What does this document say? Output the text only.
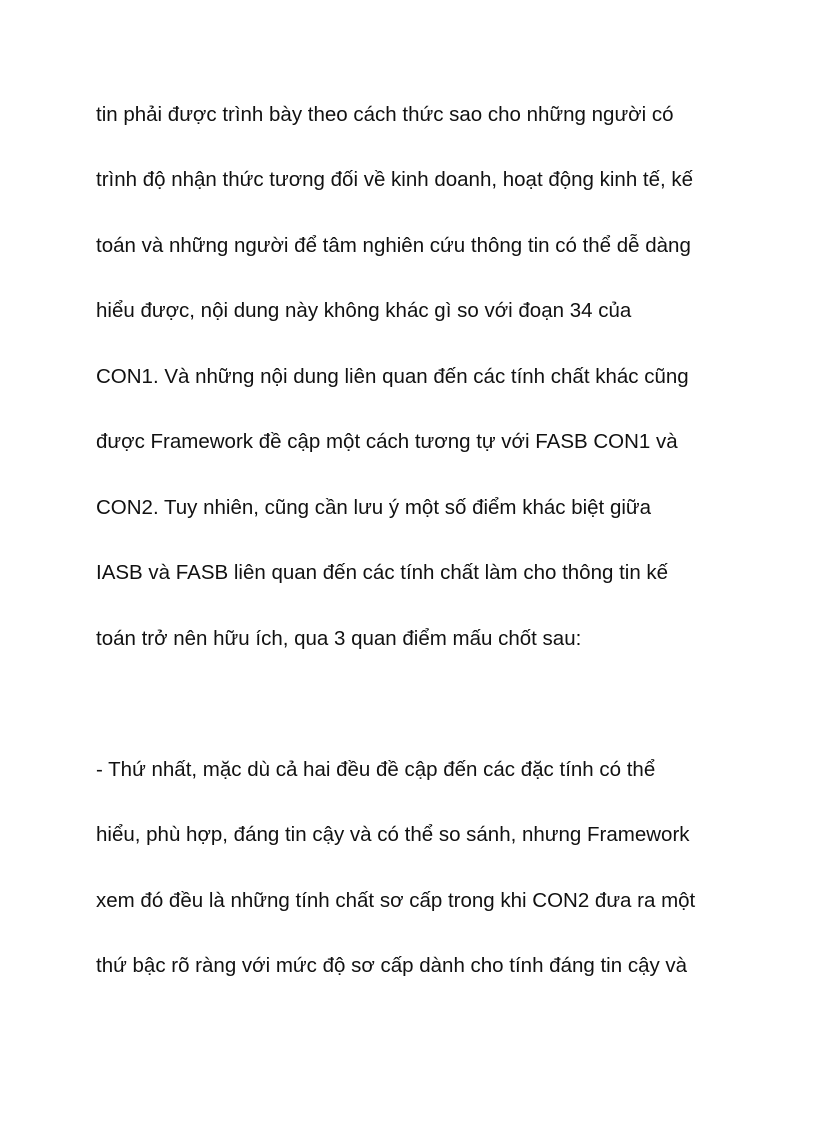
tin phải được trình bày theo cách thức sao cho những người có
trình độ nhận thức tương đối về kinh doanh, hoạt động kinh tế, kế
toán và những người để tâm nghiên cứu thông tin có thể dễ dàng
hiểu được, nội dung này không khác gì so với đoạn 34 của
CON1. Và những nội dung liên quan đến các tính chất khác cũng
được Framework đề cập một cách tương tự với FASB CON1 và
CON2. Tuy nhiên, cũng cần lưu ý một số điểm khác biệt giữa
IASB và FASB liên quan đến các tính chất làm cho thông tin kế
toán trở nên hữu ích, qua 3 quan điểm mấu chốt sau:
- Thứ nhất, mặc dù cả hai đều đề cập đến các đặc tính có thể
hiểu, phù hợp, đáng tin cậy và có thể so sánh, nhưng Framework
xem đó đều là những tính chất sơ cấp trong khi CON2 đưa ra một
thứ bậc rõ ràng với mức độ sơ cấp dành cho tính đáng tin cậy và
